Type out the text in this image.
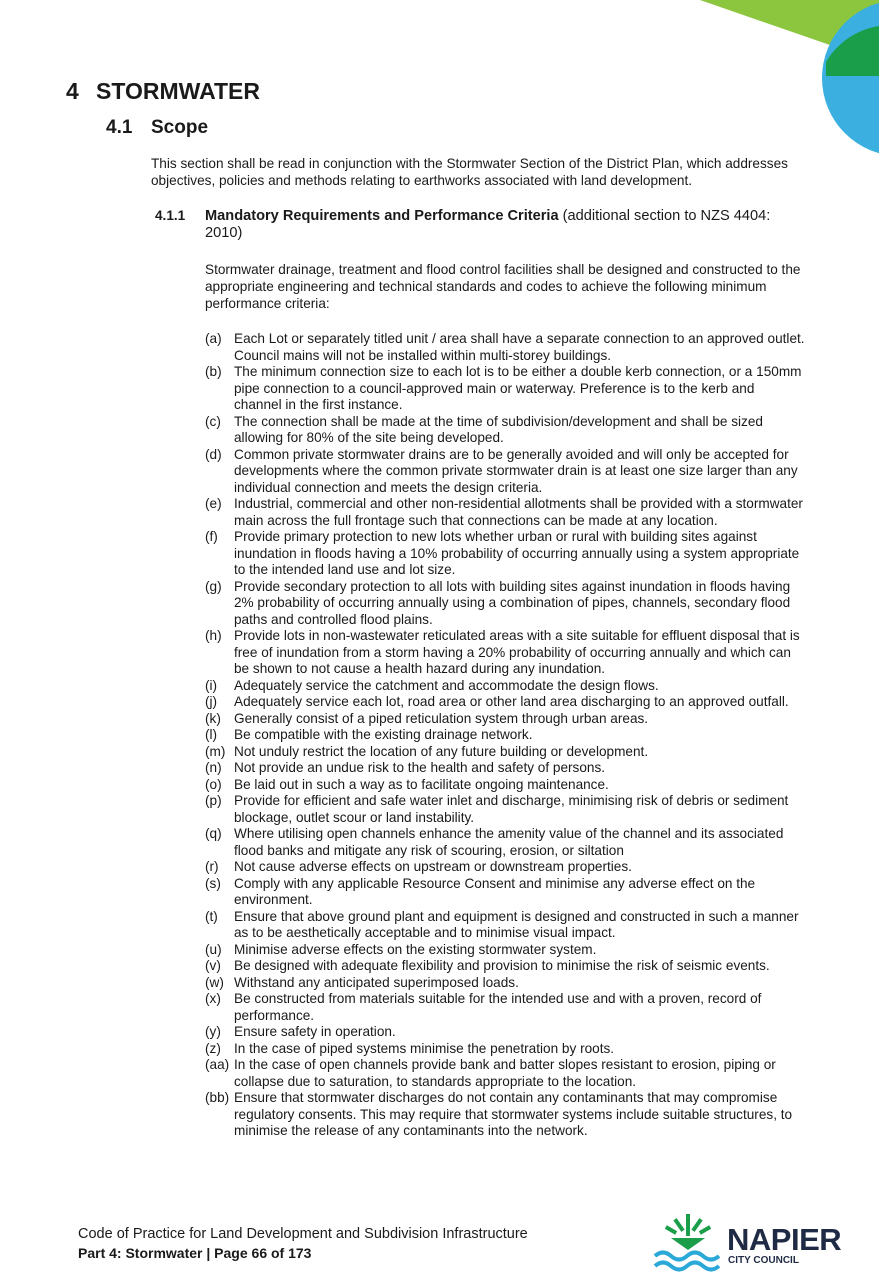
4 STORMWATER
4.1 Scope
This section shall be read in conjunction with the Stormwater Section of the District Plan, which addresses objectives, policies and methods relating to earthworks associated with land development.
4.1.1 Mandatory Requirements and Performance Criteria (additional section to NZS 4404: 2010)
Stormwater drainage, treatment and flood control facilities shall be designed and constructed to the appropriate engineering and technical standards and codes to achieve the following minimum performance criteria:
(a) Each Lot or separately titled unit / area shall have a separate connection to an approved outlet. Council mains will not be installed within multi-storey buildings.
(b) The minimum connection size to each lot is to be either a double kerb connection, or a 150mm pipe connection to a council-approved main or waterway. Preference is to the kerb and channel in the first instance.
(c) The connection shall be made at the time of subdivision/development and shall be sized allowing for 80% of the site being developed.
(d) Common private stormwater drains are to be generally avoided and will only be accepted for developments where the common private stormwater drain is at least one size larger than any individual connection and meets the design criteria.
(e) Industrial, commercial and other non-residential allotments shall be provided with a stormwater main across the full frontage such that connections can be made at any location.
(f) Provide primary protection to new lots whether urban or rural with building sites against inundation in floods having a 10% probability of occurring annually using a system appropriate to the intended land use and lot size.
(g) Provide secondary protection to all lots with building sites against inundation in floods having 2% probability of occurring annually using a combination of pipes, channels, secondary flood paths and controlled flood plains.
(h) Provide lots in non-wastewater reticulated areas with a site suitable for effluent disposal that is free of inundation from a storm having a 20% probability of occurring annually and which can be shown to not cause a health hazard during any inundation.
(i) Adequately service the catchment and accommodate the design flows.
(j) Adequately service each lot, road area or other land area discharging to an approved outfall.
(k) Generally consist of a piped reticulation system through urban areas.
(l) Be compatible with the existing drainage network.
(m) Not unduly restrict the location of any future building or development.
(n) Not provide an undue risk to the health and safety of persons.
(o) Be laid out in such a way as to facilitate ongoing maintenance.
(p) Provide for efficient and safe water inlet and discharge, minimising risk of debris or sediment blockage, outlet scour or land instability.
(q) Where utilising open channels enhance the amenity value of the channel and its associated flood banks and mitigate any risk of scouring, erosion, or siltation
(r) Not cause adverse effects on upstream or downstream properties.
(s) Comply with any applicable Resource Consent and minimise any adverse effect on the environment.
(t) Ensure that above ground plant and equipment is designed and constructed in such a manner as to be aesthetically acceptable and to minimise visual impact.
(u) Minimise adverse effects on the existing stormwater system.
(v) Be designed with adequate flexibility and provision to minimise the risk of seismic events.
(w) Withstand any anticipated superimposed loads.
(x) Be constructed from materials suitable for the intended use and with a proven, record of performance.
(y) Ensure safety in operation.
(z) In the case of piped systems minimise the penetration by roots.
(aa) In the case of open channels provide bank and batter slopes resistant to erosion, piping or collapse due to saturation, to standards appropriate to the location.
(bb) Ensure that stormwater discharges do not contain any contaminants that may compromise regulatory consents. This may require that stormwater systems include suitable structures, to minimise the release of any contaminants into the network.
Code of Practice for Land Development and Subdivision Infrastructure
Part 4: Stormwater | Page 66 of 173	NAPIER
CITY COUNCIL
